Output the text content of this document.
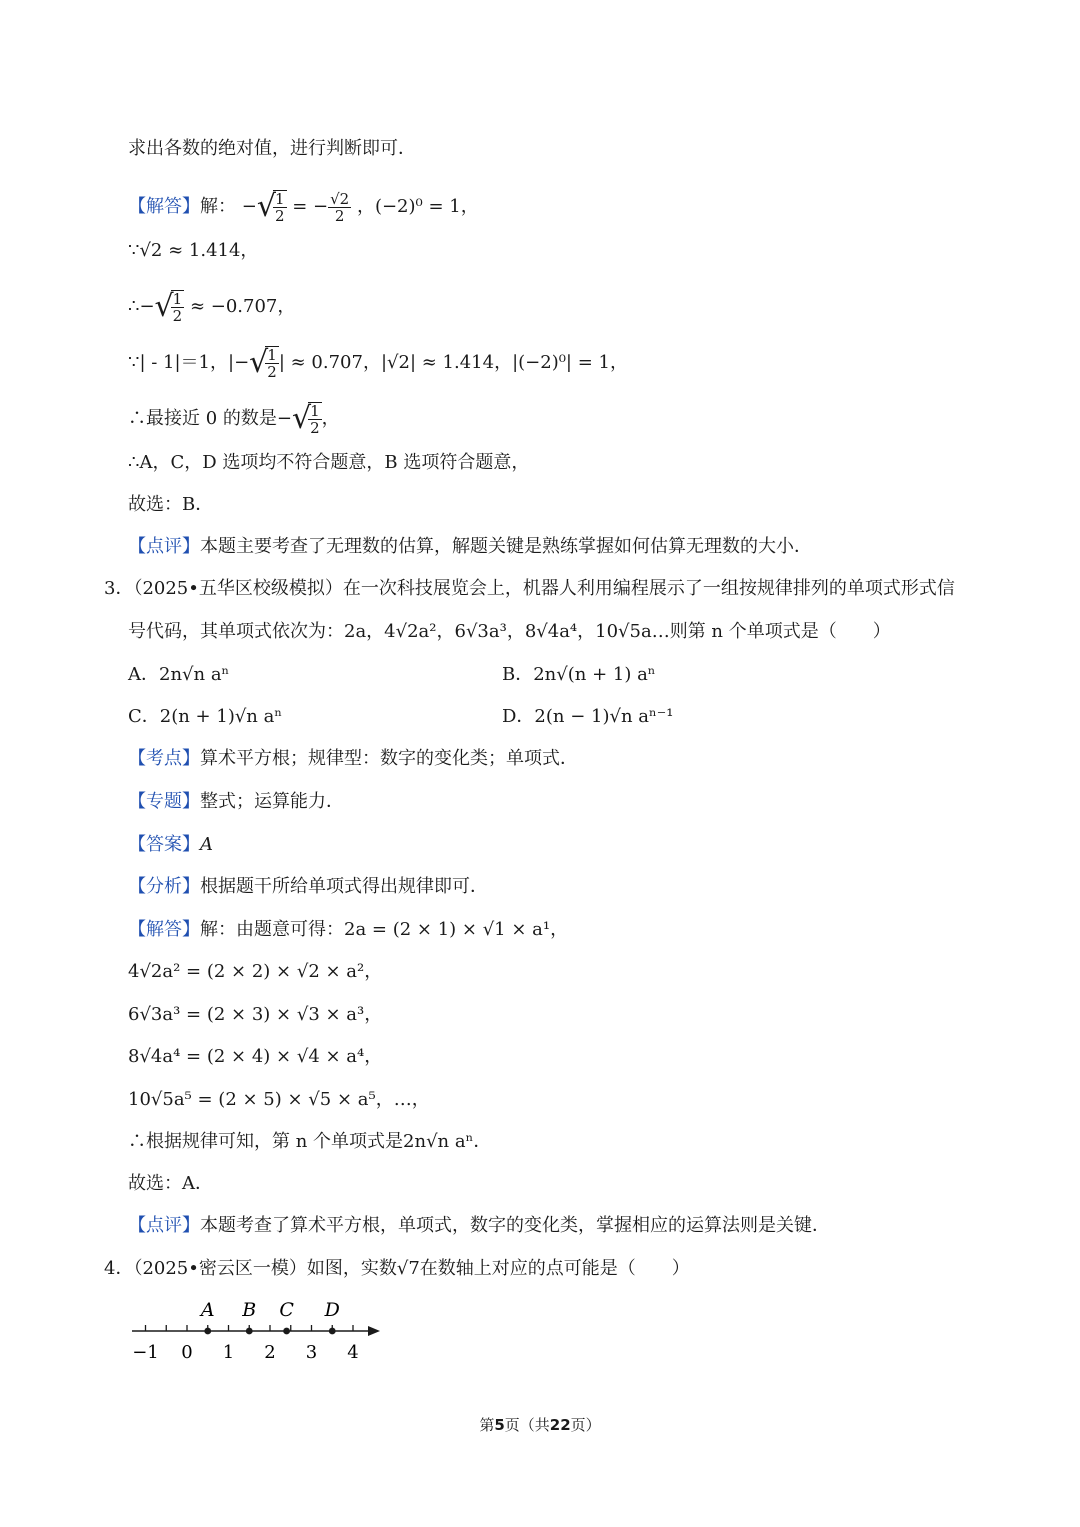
求出各数的绝对值，进行判断即可．
【解答】解： −√
$\frac{1}{2}$ = − $\frac{√2}{2}$ ，(−2)⁰ = 1，
∵√2 ≈ 1.414，
∴−√
$\frac{1}{2} \approx -0.707$，
∵| - 1|＝1，|−√
$\frac{1}{2}$ | ≈ 0.707，|√2| ≈ 1.414，|(−2)⁰| = 1，
∴最接近 0 的数是−√
$\frac{1}{2}$ ，
∴A，C，D 选项均不符合题意，B 选项符合题意，
故选：B．
【点评】本题主要考查了无理数的估算，解题关键是熟练掌握如何估算无理数的大小．
3．（2025•五华区校级模拟）在一次科技展览会上，机器人利用编程展示了一组按规律排列的单项式形式信
号代码，其单项式依次为：2a，4√2a²，6√3a³，8√4a⁴，10√5a…则第 n 个单项式是（　　）
A．2n√n aⁿ	B．2n√(n + 1) aⁿ
C．2(n + 1)√n aⁿ	D．2(n − 1)√n aⁿ⁻¹
【考点】算术平方根；规律型：数字的变化类；单项式．
【专题】整式；运算能力．
【答案】A
【分析】根据题干所给单项式得出规律即可．
【解答】解：由题意可得：2a = (2 × 1) × √1 × a¹，
4√2a² = (2 × 2) × √2 × a²，
6√3a³ = (2 × 3) × √3 × a³，
8√4a⁴ = (2 × 4) × √4 × a⁴，
10√5a⁵ = (2 × 5) × √5 × a⁵，…，
∴根据规律可知，第 n 个单项式是2n√n aⁿ．
故选：A．
【点评】本题考查了算术平方根，单项式，数字的变化类，掌握相应的运算法则是关键．
4．（2025•密云区一模）如图，实数√7在数轴上对应的点可能是（　　）
−1 0 1 2 3 4
A B C D
第5页（共22页）
